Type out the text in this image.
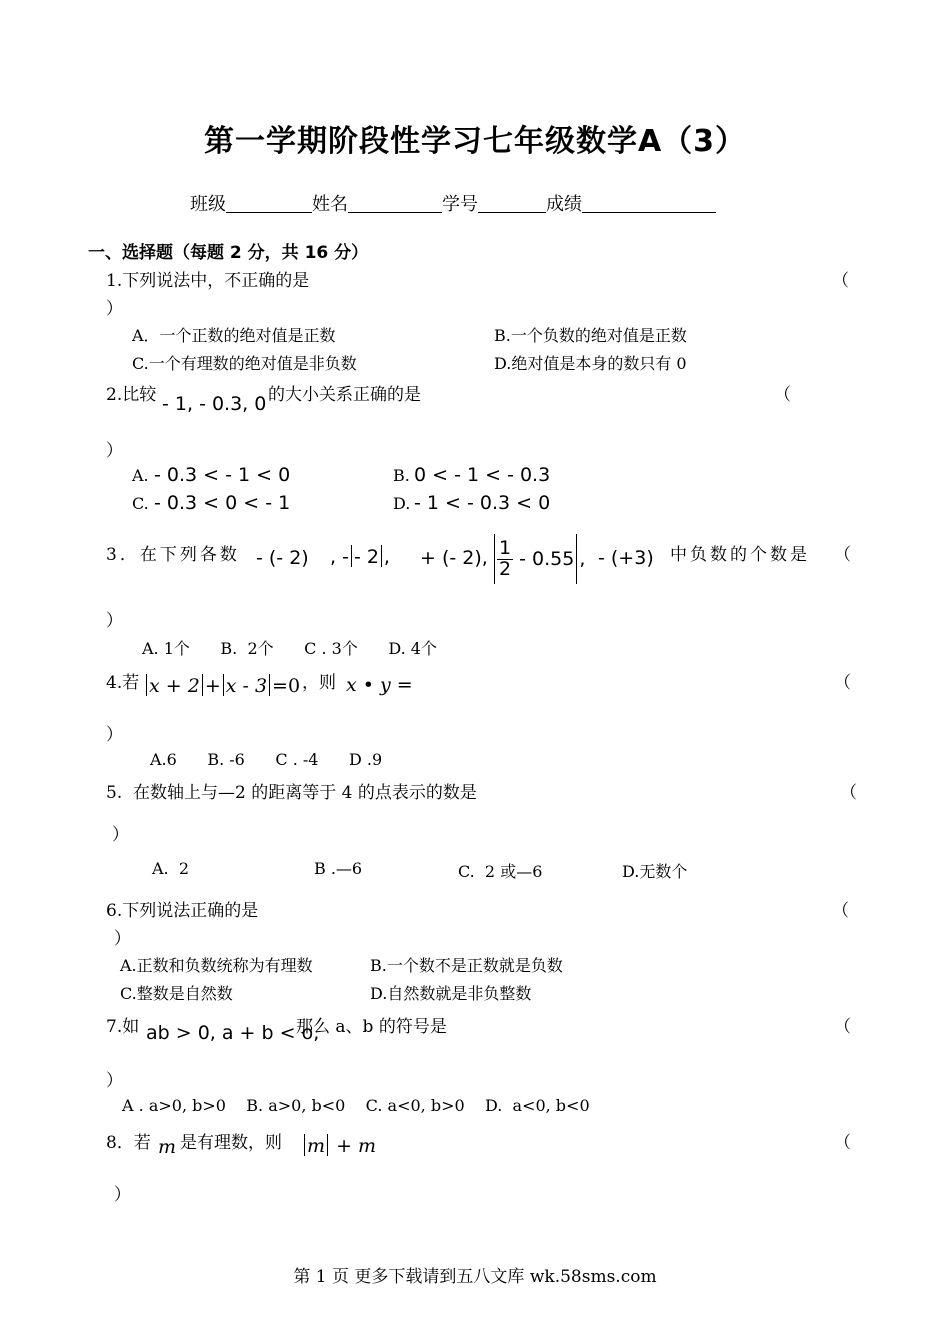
第一学期阶段性学习七年级数学A（3）
班级	姓名	学号	成绩
一、选择题（每题 2 分，共 16 分）
1.下列说法中，不正确的是	（
）
A．一个正数的绝对值是正数	B.一个负数的绝对值是正数
C.一个有理数的绝对值是非负数	D.绝对值是本身的数只有 0
2.比较 - 1, - 0.3, 0 的大小关系正确的是	（
）
A. - 0.3 < - 1 < 0	B. 0 < - 1 < - 0.3
C. - 0.3 < 0 < - 1	D. - 1 < - 0.3 < 0
3．在下列各数 - (- 2) , - - 2 , + (- 2), $\frac{1}{2} - 0.55$ , - (+3) 中负数的个数是 （
）
A. 1个      B.  2个      C . 3个      D. 4个
4.若 x + 2 + x - 3 =0 ，则 x • y =	（
）
A.6      B. -6      C . -4      D .9
5.  在数轴上与—2 的距离等于 4 的点表示的数是	（
）
A.  2	B .—6	C.  2 或—6	D.无数个
6.下列说法正确的是	（
）
A.正数和负数统称为有理数	B.一个数不是正数就是负数
C.整数是自然数	D.自然数就是非负整数
7.如 ab > 0, a + b < o,
那么 a、b 的符号是	（
）
A . a>0, b>0    B. a>0, b<0    C. a<0, b>0    D.  a<0, b<0
8．若 m 是有理数，则 m + m	（
）
第 1 页 更多下载请到五八文库 wk.58sms.com
